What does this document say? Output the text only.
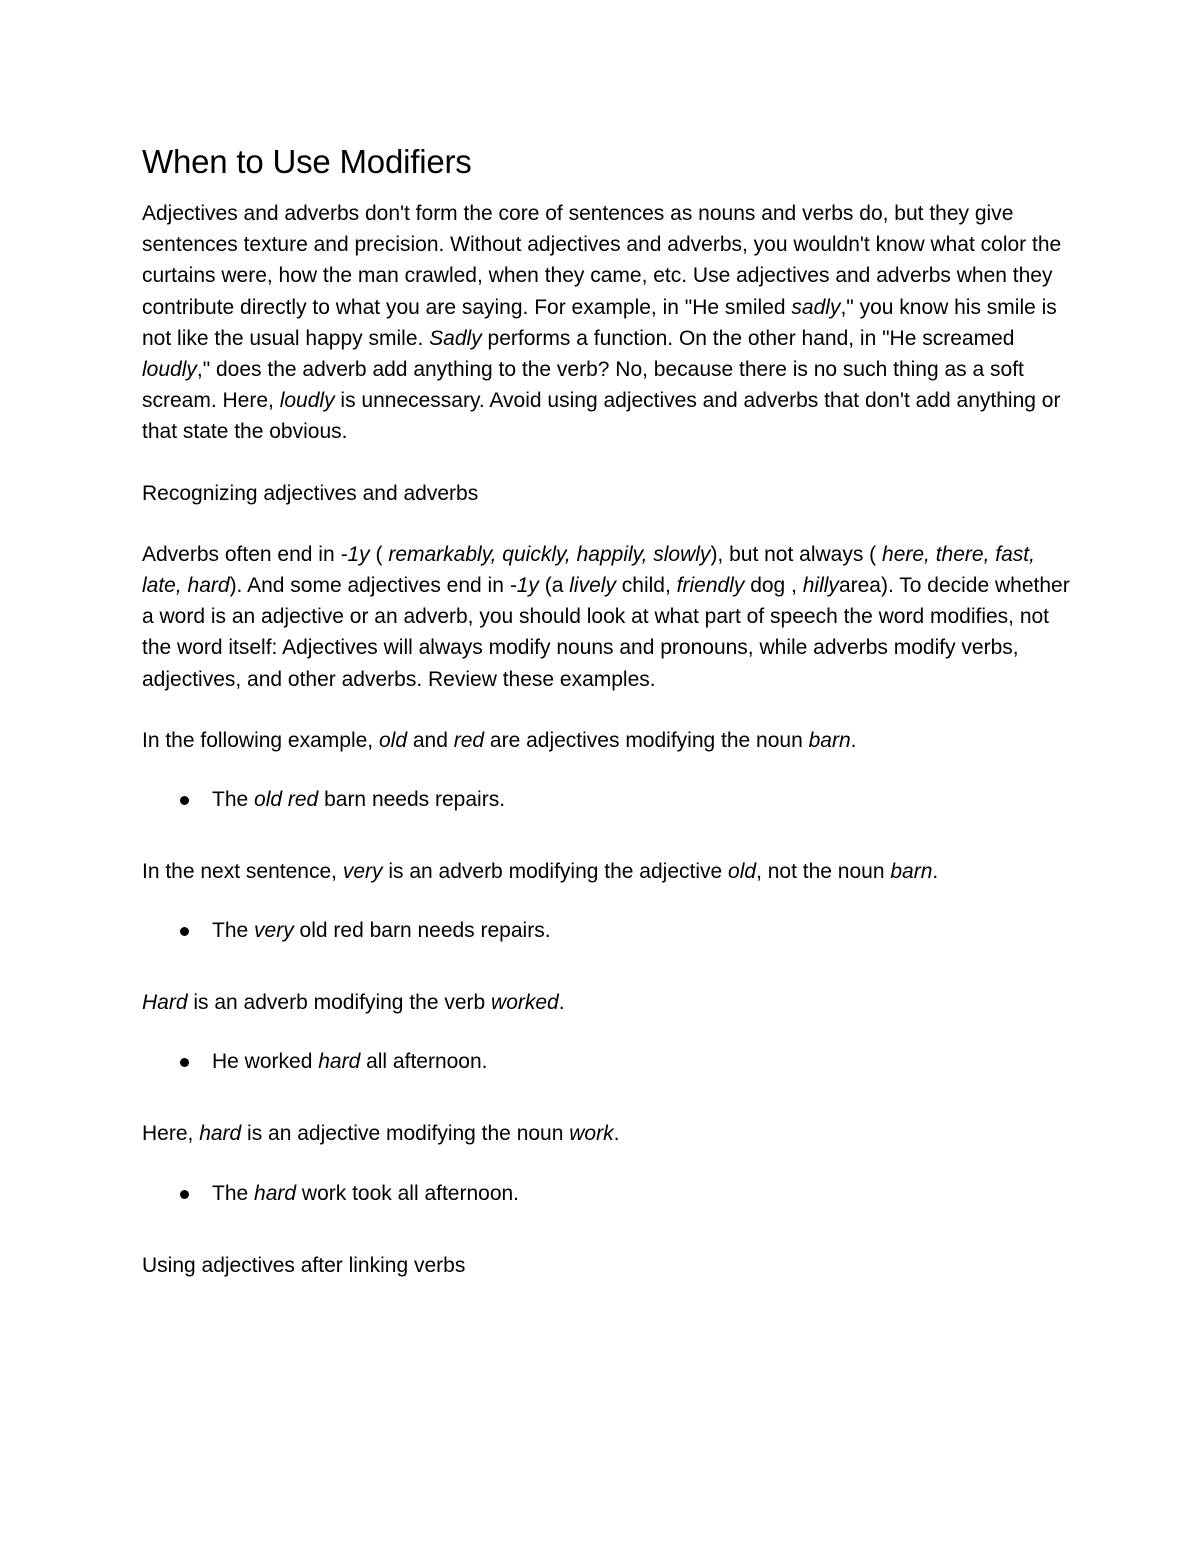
When to Use Modifiers

Adjectives and adverbs don't form the core of sentences as nouns and verbs do, but they give sentences texture and precision. Without adjectives and adverbs, you wouldn't know what color the curtains were, how the man crawled, when they came, etc. Use adjectives and adverbs when they contribute directly to what you are saying. For example, in "He smiled sadly," you know his smile is not like the usual happy smile. Sadly performs a function. On the other hand, in "He screamed loudly," does the adverb add anything to the verb? No, because there is no such thing as a soft scream. Here, loudly is unnecessary. Avoid using adjectives and adverbs that don't add anything or that state the obvious.

Recognizing adjectives and adverbs

Adverbs often end in -1y ( remarkably, quickly, happily, slowly), but not always ( here, there, fast, late, hard). And some adjectives end in -1y (a lively child, friendly dog , hillyarea). To decide whether a word is an adjective or an adverb, you should look at what part of speech the word modifies, not the word itself: Adjectives will always modify nouns and pronouns, while adverbs modify verbs, adjectives, and other adverbs. Review these examples.

In the following example, old and red are adjectives modifying the noun barn.

The old red barn needs repairs.

In the next sentence, very is an adverb modifying the adjective old, not the noun barn.

The very old red barn needs repairs.

Hard is an adverb modifying the verb worked.

He worked hard all afternoon.

Here, hard is an adjective modifying the noun work.

The hard work took all afternoon.

Using adjectives after linking verbs
